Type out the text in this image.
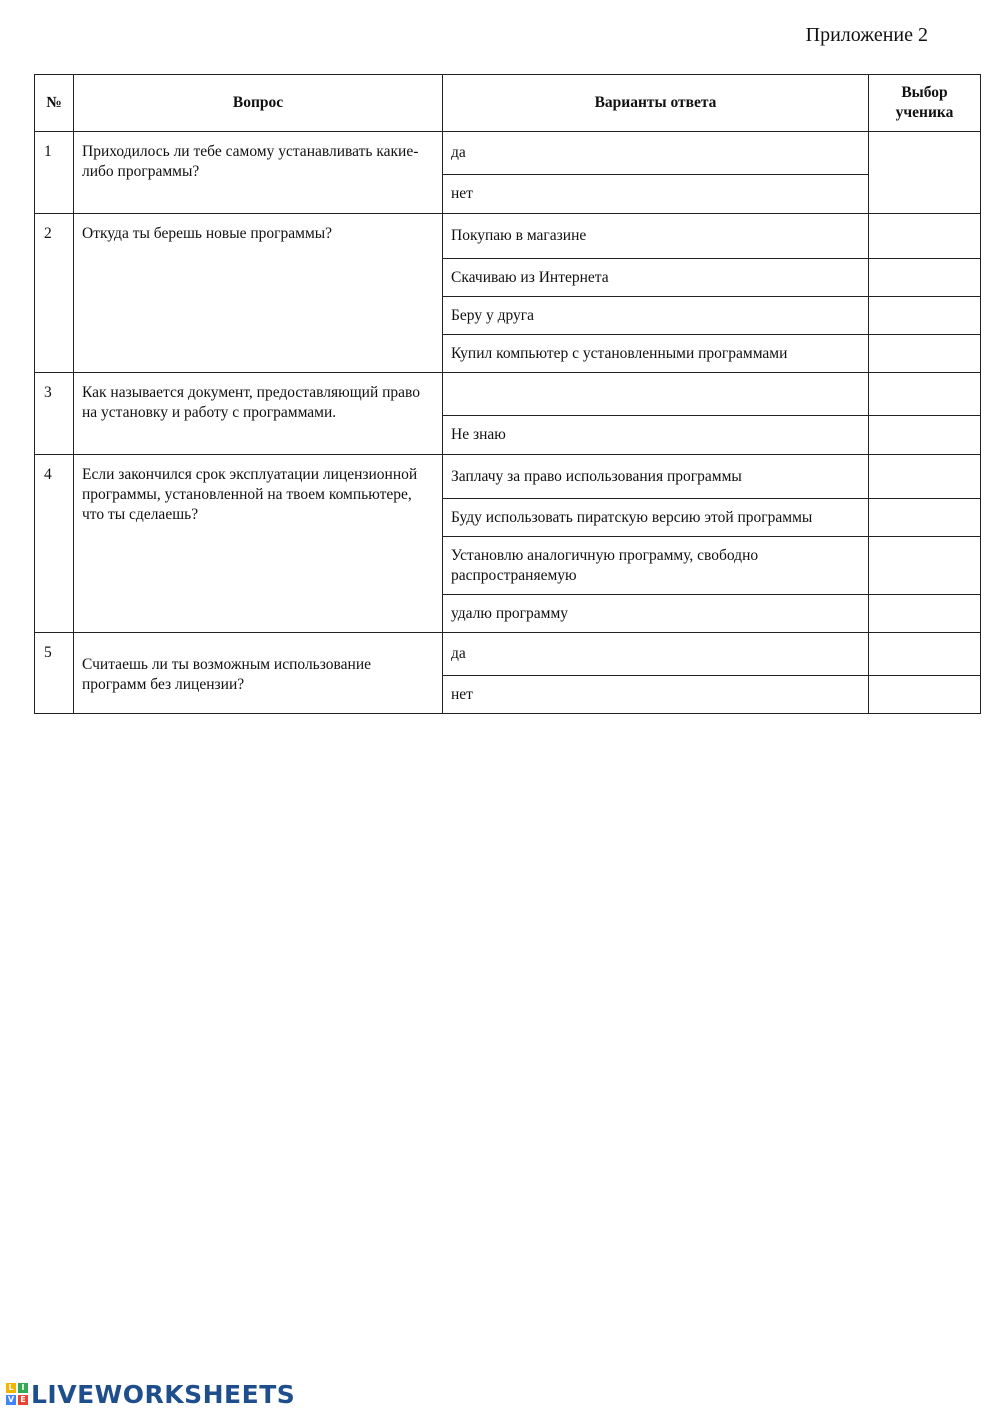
Приложение 2
№	Вопрос	Варианты ответа	Выбор
ученика
1	Приходилось ли тебе самому устанавливать какие-либо программы?	да	
		нет	
2	Откуда ты берешь новые программы?	Покупаю в магазине	
		Скачиваю из Интернета	
		Беру у друга	
		Купил компьютер с установленными программами	
3	Как называется документ, предоставляющий право на установку и работу с программами.		
		Не знаю	
4	Если закончился срок эксплуатации лицензионной программы, установленной на твоем компьютере, что ты сделаешь?	Заплачу за право использования программы	
		Буду использовать пиратскую версию этой программы	
		Установлю аналогичную программу, свободно распространяемую	
		удалю программу	
5	Считаешь ли ты возможным использование программ без лицензии?	да	
		нет	
L I
V E LIVEWORKSHEETS
